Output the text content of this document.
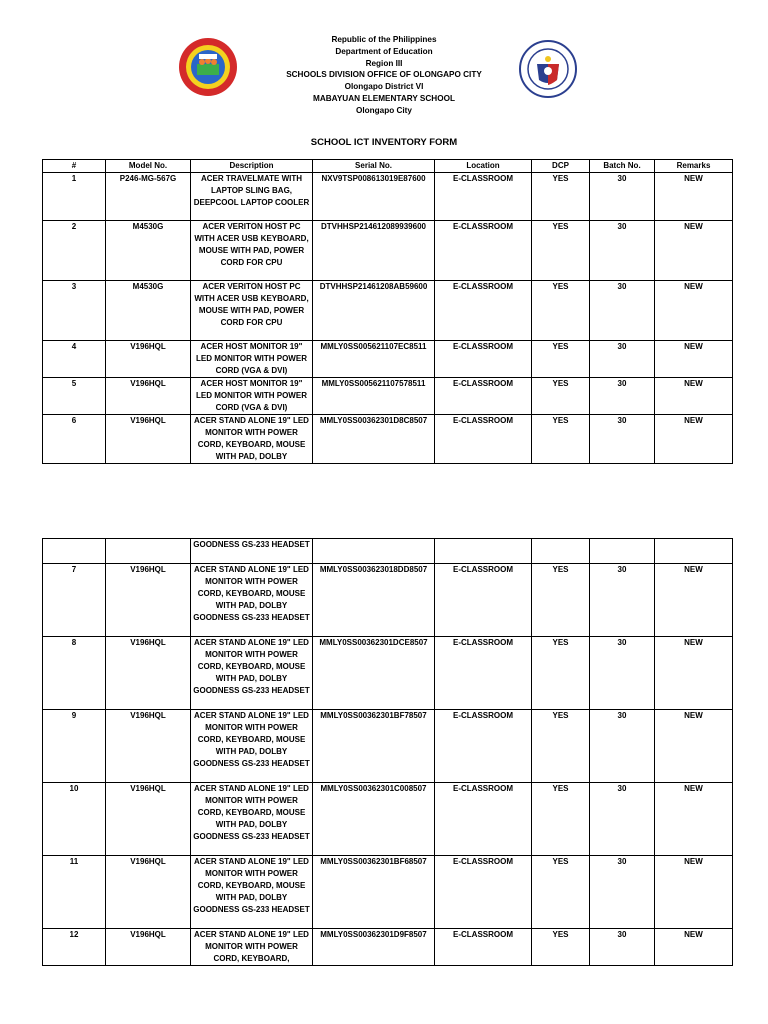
Republic of the Philippines
Department of Education
Region III
SCHOOLS DIVISION OFFICE OF OLONGAPO CITY
Olongapo District VI
MABAYUAN ELEMENTARY SCHOOL
Olongapo City
SCHOOL ICT INVENTORY FORM
#	Model No.	Description	Serial No.	Location	DCP	Batch No.	Remarks
1	P246-MG-567G	ACER TRAVELMATE WITH LAPTOP SLING BAG, DEEPCOOL LAPTOP COOLER	NXV9TSP008613019E87600	E-CLASSROOM	YES	30	NEW
2	M4530G	ACER VERITON HOST PC WITH ACER USB KEYBOARD, MOUSE WITH PAD, POWER CORD FOR CPU	DTVHHSP214612089939600	E-CLASSROOM	YES	30	NEW
3	M4530G	ACER VERITON HOST PC WITH ACER USB KEYBOARD, MOUSE WITH PAD, POWER CORD FOR CPU	DTVHHSP21461208AB59600	E-CLASSROOM	YES	30	NEW
4	V196HQL	ACER HOST MONITOR 19" LED MONITOR WITH POWER CORD (VGA & DVI)	MMLY0SS005621107EC8511	E-CLASSROOM	YES	30	NEW
5	V196HQL	ACER HOST MONITOR 19" LED MONITOR WITH POWER CORD (VGA & DVI)	MMLY0SS005621107578511	E-CLASSROOM	YES	30	NEW
6	V196HQL	ACER STAND ALONE 19" LED MONITOR WITH POWER CORD, KEYBOARD, MOUSE WITH PAD, DOLBY	MMLY0SS00362301D8C8507	E-CLASSROOM	YES	30	NEW
		GOODNESS GS-233 HEADSET					
7	V196HQL	ACER STAND ALONE 19" LED MONITOR WITH POWER CORD, KEYBOARD, MOUSE WITH PAD, DOLBY GOODNESS GS-233 HEADSET	MMLY0SS003623018DD8507	E-CLASSROOM	YES	30	NEW
8	V196HQL	ACER STAND ALONE 19" LED MONITOR WITH POWER CORD, KEYBOARD, MOUSE WITH PAD, DOLBY GOODNESS GS-233 HEADSET	MMLY0SS00362301DCE8507	E-CLASSROOM	YES	30	NEW
9	V196HQL	ACER STAND ALONE 19" LED MONITOR WITH POWER CORD, KEYBOARD, MOUSE WITH PAD, DOLBY GOODNESS GS-233 HEADSET	MMLY0SS00362301BF78507	E-CLASSROOM	YES	30	NEW
10	V196HQL	ACER STAND ALONE 19" LED MONITOR WITH POWER CORD, KEYBOARD, MOUSE WITH PAD, DOLBY GOODNESS GS-233 HEADSET	MMLY0SS00362301C008507	E-CLASSROOM	YES	30	NEW
11	V196HQL	ACER STAND ALONE 19" LED MONITOR WITH POWER CORD, KEYBOARD, MOUSE WITH PAD, DOLBY GOODNESS GS-233 HEADSET	MMLY0SS00362301BF68507	E-CLASSROOM	YES	30	NEW
12	V196HQL	ACER STAND ALONE 19" LED MONITOR WITH POWER CORD, KEYBOARD,	MMLY0SS00362301D9F8507	E-CLASSROOM	YES	30	NEW
